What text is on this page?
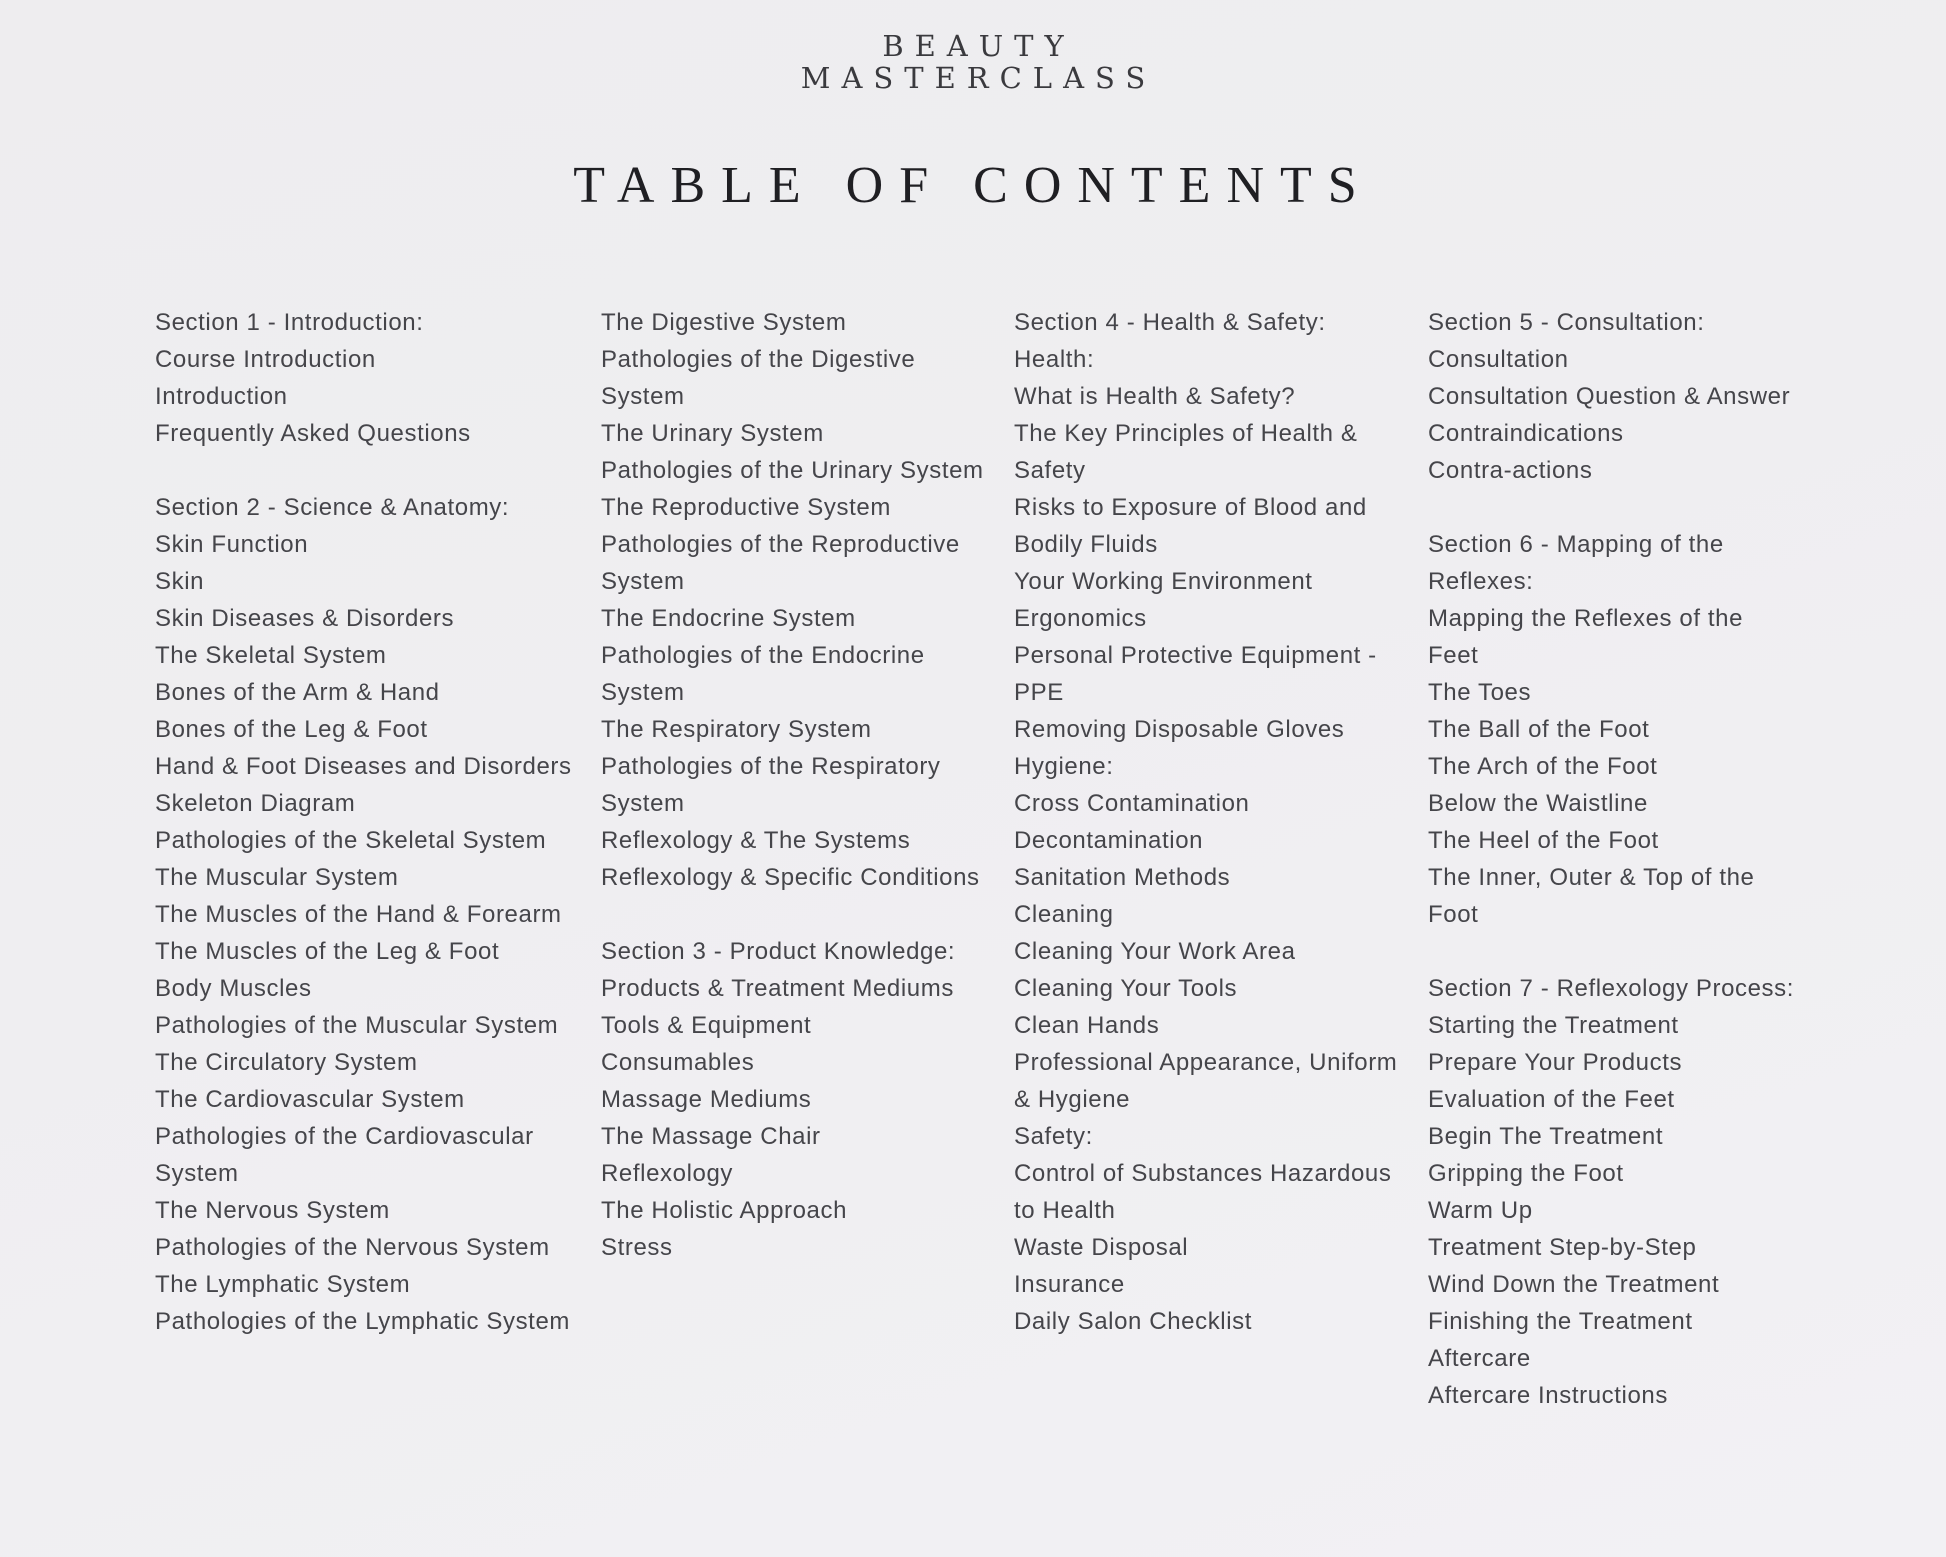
BEAUTY
MASTERCLASS
TABLE OF CONTENTS
Section 1 - Introduction:
Course Introduction
Introduction
Frequently Asked Questions
Section 2 - Science & Anatomy:
Skin Function
Skin
Skin Diseases & Disorders
The Skeletal System
Bones of the Arm & Hand
Bones of the Leg & Foot
Hand & Foot Diseases and Disorders
Skeleton Diagram
Pathologies of the Skeletal System
The Muscular System
The Muscles of the Hand & Forearm
The Muscles of the Leg & Foot
Body Muscles
Pathologies of the Muscular System
The Circulatory System
The Cardiovascular System
Pathologies of the Cardiovascular
System
The Nervous System
Pathologies of the Nervous System
The Lymphatic System
Pathologies of the Lymphatic System
The Digestive System
Pathologies of the Digestive
System
The Urinary System
Pathologies of the Urinary System
The Reproductive System
Pathologies of the Reproductive
System
The Endocrine System
Pathologies of the Endocrine
System
The Respiratory System
Pathologies of the Respiratory
System
Reflexology & The Systems
Reflexology & Specific Conditions
Section 3 - Product Knowledge:
Products & Treatment Mediums
Tools & Equipment
Consumables
Massage Mediums
The Massage Chair
Reflexology
The Holistic Approach
Stress
Section 4 - Health & Safety:
Health:
What is Health & Safety?
The Key Principles of Health &
Safety
Risks to Exposure of Blood and
Bodily Fluids
Your Working Environment
Ergonomics
Personal Protective Equipment -
PPE
Removing Disposable Gloves
Hygiene:
Cross Contamination
Decontamination
Sanitation Methods
Cleaning
Cleaning Your Work Area
Cleaning Your Tools
Clean Hands
Professional Appearance, Uniform
& Hygiene
Safety:
Control of Substances Hazardous
to Health
Waste Disposal
Insurance
Daily Salon Checklist
Section 5 - Consultation:
Consultation
Consultation Question & Answer
Contraindications
Contra-actions
Section 6 - Mapping of the
Reflexes:
Mapping the Reflexes of the
Feet
The Toes
The Ball of the Foot
The Arch of the Foot
Below the Waistline
The Heel of the Foot
The Inner, Outer & Top of the
Foot
Section 7 - Reflexology Process:
Starting the Treatment
Prepare Your Products
Evaluation of the Feet
Begin The Treatment
Gripping the Foot
Warm Up
Treatment Step-by-Step
Wind Down the Treatment
Finishing the Treatment
Aftercare
Aftercare Instructions
